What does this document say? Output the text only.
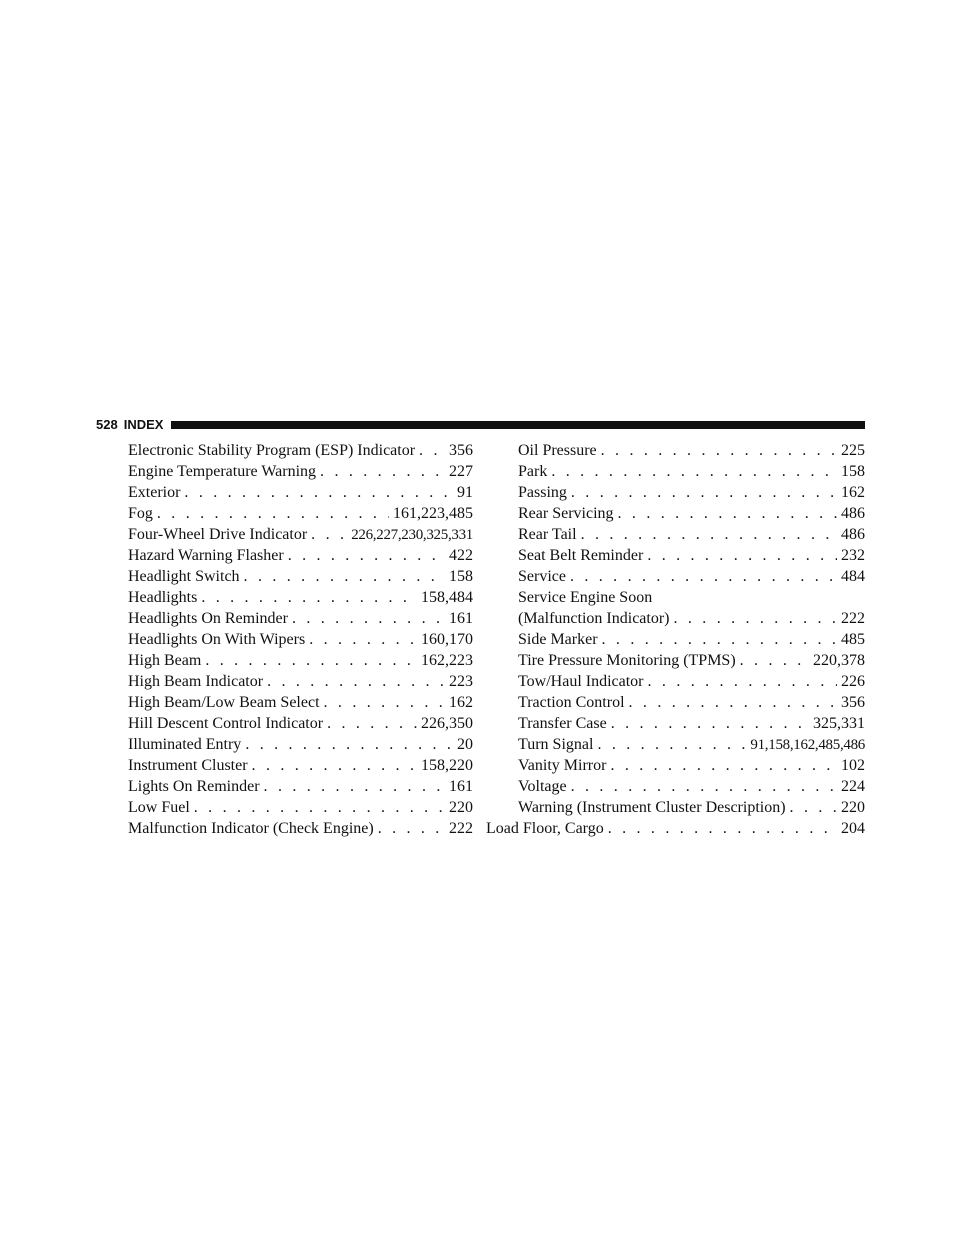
528 INDEX
Electronic Stability Program (ESP) Indicator . . . 356
Engine Temperature Warning . . .	227
Exterior . . .	91
Fog . . .	161,223,485
Four-Wheel Drive Indicator . . .	226,227,230,325,331
Hazard Warning Flasher . . .	422
Headlight Switch . . .	158
Headlights . . .	158,484
Headlights On Reminder . . .	161
Headlights On With Wipers . . .	160,170
High Beam . . .	162,223
High Beam Indicator . . .	223
High Beam/Low Beam Select . . .	162
Hill Descent Control Indicator . . .	226,350
Illuminated Entry . . .	20
Instrument Cluster . . .	158,220
Lights On Reminder . . .	161
Low Fuel . . .	220
Malfunction Indicator (Check Engine) . . .	222
Oil Pressure . . .	225
Park . . .	158
Passing . . .	162
Rear Servicing . . .	486
Rear Tail . . .	486
Seat Belt Reminder . . .	232
Service . . .	484
Service Engine Soon
(Malfunction Indicator) . . .	222
Side Marker . . .	485
Tire Pressure Monitoring (TPMS) . . .	220,378
Tow/Haul Indicator . . .	226
Traction Control . . .	356
Transfer Case . . .	325,331
Turn Signal . . .	91,158,162,485,486
Vanity Mirror . . .	102
Voltage . . .	224
Warning (Instrument Cluster Description) . . .	220
Load Floor, Cargo . . .	204
